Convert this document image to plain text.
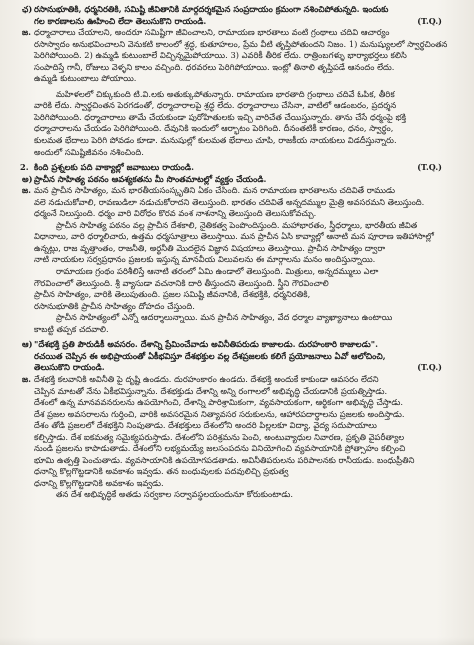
ఛ) రసానుభూతికి, ధర్మనిరతికి, సమిష్టి జీవితానికి మార్గదర్శకమైన సంప్రదాయం క్రమంగా నశించిపోతున్నది. ఇందుకు
గల కారణాలను ఊహించి లేదా తెలుసుకొని రాయండి.	(T.Q.)
జ. ధర్మాచారాలు చేయాలని, అందరూ సమిష్టిగా జీవించాలని, రామాయణ భారతాలు వంటి గ్రంథాలు చదివి ఆచార్యం
రసాస్వాదం అనుభవించాలని వెనుకటి కాలంలో శ్రద్ధ, కుతూహలం, ప్రేమ వీటి తృప్తిపోతుందని నిజం. 1) మనుష్యులలో స్వార్థచింతన
పెరిగిపోయింది. 2) ఉమ్మడి కుటుంబాలే విచ్ఛిన్నమైపోయాయి. 3) ఎవరికీ తీరిక లేదు. రాత్రింబగళ్ళు భార్యాభర్తలు కలిసి
సంపాదిస్తే గానీ, రోజులు వెళ్ళని కాలం వచ్చింది. ధరవరలు పెరిగిపోయాయి. ఇంట్లో తినాలి తృప్తిపడే ఆనందం లేదు.
ఉమ్మడి కుటుంబాలు పోయాయి.
మహిళలలో చిక్కుకుంది టి.వి.లకు అతుక్కుపోతున్నారు. రామాయణ భారతాది గ్రంథాలు చదివే ఓపిక, తీరిక
వారికి లేదు. స్వార్థచింతన పెరగడంతో, ధర్మాచారాలపై శ్రద్ధ లేదు. ధర్మాచారాలు చేసినా, వాటిలో ఆడంబరం, ప్రదర్శన
పెరిగిపోయింది. ధర్మాచారాలు తామే చేయకుండా పురోహితులకు ఇచ్చి వారిచేత చేయిస్తున్నారు. తాను చేసే ధర్మంపై భక్తి
ధర్మాచారాలను చేయడం పెరిగిపోయింది. దేవునికి ఇందులో ఆర్భాటం పెరిగింది. దీనంతటికీ కారణం, ధనం, స్వార్థం,
కులమత భేదాలు పెరిగి పోవడం కూడా. మనుషుల్లో కులమత భేదాలు చూపి, రాజకీయ నాయకులు విడదీస్తున్నారు.
అందులో సమిష్టిజీవనం నశించింది.
2. కింది ప్రశ్నలకు పది వాక్యాల్లో జవాబులు రాయండి.	(T.Q.)
అ)ప్రాచీన సాహిత్య పఠనం ఆవశ్యకతను మీ సొంతమాటల్లో వ్యక్తం చేయండి.
జ. మన ప్రాచీన సాహిత్యం, మన భారతీయసంస్కృతిని ఏకం చేసింది. మన రామాయణ భారతాలను చదివితే రాముడు
వలె నడుచుకోవాలి, రావణుడిలా నడుచుకోరాదని తెలుస్తుంది. భారతం చదివితే అన్నదమ్ముల మైత్రి అవసరమని తెలుస్తుంది.
ధర్మంనే నిలుస్తుంది. ధర్మం వారి విరోధం కొరవ వంశ నాశనాన్ని తెలుస్తుంది తెలుసుకోవచ్చు.
ప్రాచీన సాహిత్య పఠనం వల్ల ప్రాచీన దేశకాలి, నైతికత్వ పెంపొందిస్తుంది. మహాభారతం, స్త్రీధర్మాలు, భారతీయ జీవిత
విధానాలు, వారి ధర్మాలిచారు, ఉత్తమ ధర్మసూత్రాలు తెలుస్తాయి. మన ప్రాచీన ఏసి కావ్యాల్లో ఆనాటి మన పూరాణ ఇతిహాసాల్లో
ఉన్నట్లు, రాజ వృత్తాంతం, రాజనీతి, అర్థనీతి మొదలైన విజ్ఞాన విషయాలు తెలుస్తాయి. ప్రాచీన సాహిత్యం ద్వారా
నాటి నాయకుల సర్వప్రధానం ప్రజలకు ఇస్తున్న మానవీయ విలువలను ఈ మార్గాలను మనం అందిస్తున్నాయి.
రామాయణ గ్రంథం పరిశీలిస్తే ఆనాటి తరంలో ఏమి ఉండాలో తెలుస్తుంది. మిత్రులు, అన్నదమ్ములు ఎలా
గౌరవించాలో తెలుస్తుంది. శ్రీ వ్యాసుడా వచనానికి దారి తీస్తుందని తెలుస్తుంది. స్త్రీని గౌరవించాలి
ప్రాచీన సాహిత్యం, వారికి తెలుపుతుంది. ప్రజల సమిష్టి జీవనానికి, దేశభక్తికి, ధర్మనిరతికి,
రసానుభూతికి ప్రాచీన సాహిత్యం దోహదం చేస్తుంది.
ప్రాచీన సాహిత్యంలో ఎన్నో ఆదర్శాలున్నాయి. మన ప్రాచీన సాహిత్యం, వేద ధర్మాల వ్యాఖ్యానాలు ఉంటాయి
కాబట్టి తప్పక చదవాలి.
ఆ)"దేశభక్తి ప్రతి పౌరుడికీ అవసరం. దేశాన్ని ప్రేమించేవాడు అవినీతిపరుడు కాజాలడు. దురహంకారి కాజాలడు".
రచయిత చెప్పిన ఈ అభిప్రాయంతో ఏకీభవిస్తూ దేశభక్తుల వల్ల దేశప్రజలకు కలిగే ప్రయోజనాలు ఏవో ఆలోచించి,
తెలుసుకొని రాయండి.	(T.Q.)
జ. దేశభక్తి కలవానికి అవినీతి పై దృష్టి ఉండదు. దురహంకారం ఉండదు. దేశభక్తి అందుకే కాకుండా ఆవసరం లేదని
చెప్పిన మాటతో నేను ఏకీభవిస్తున్నాను. దేశభక్తుడు దేశాన్ని అన్ని రంగాలలో అభివృద్ధి చేయడానికి ప్రయత్నిస్తాడు.
దేశంలో ఉన్న మానవవనరులను ఉపయోగించి, దేశాన్ని పారిశ్రామికంగా, వ్యవసాయకంగా, ఆర్థికంగా అభివృద్ధి చేస్తాడు.
దేశ ప్రజల అవసరాలను గుర్తించి, వారికి అవసరమైన నిత్యావసర సరుకులను, ఆహారపదార్థాలను ప్రజలకు అందిస్తాడు.
దేశం తోడి ప్రజలలో దేశభక్తిని నింపుతాడు. దేశభక్తులు దేశంలోని అందరి పిల్లలకూ విద్యా, వైద్య సదుపాయాలు
కల్పిస్తాడు. దేశ ఐకమత్య సమైక్యపరుస్తాడు. దేశంలోని పరిశ్రమను పెంచి, అంటువ్యాధుల నివారణ, ప్రకృతి వైపరీత్యాల
నుండి ప్రజలను కాపాడుతాడు. దేశంలోని లభ్యమయ్యే జలసంపదను వినియోగించి వ్యవసాయానికి ప్రోత్సాహం కల్పించి
భూమి ఉత్పత్తి పెంచుతాడు. వ్యవసాయానికి ఉపయోగపడతాడు. అవినీతిపరులను పరిపాలనకు రానీయడు. బంధుప్రీతిని
ధనాన్ని కొల్లగొట్టడానికి అవకాశం ఇవ్వడు. తన బంధువులకు పదవులిచ్చి ప్రభుత్వ
ధనాన్ని కొల్లగొట్టడానికి అవకాశం ఇవ్వడు.
తన దేశ అభివృద్ధికే అతడు సర్వకాల సర్వావస్థలయందునూ కోరుకుంటాడు.
